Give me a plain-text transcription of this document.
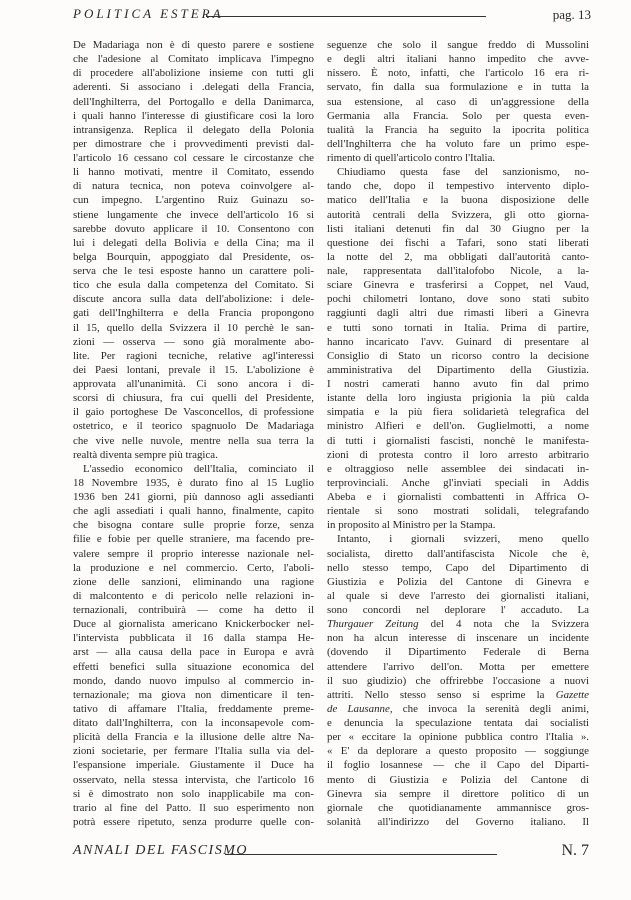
POLITICA ESTERA	pag. 13
De Madariaga non è di questo parere e sostiene
che l'adesione al Comitato implicava l'impegno
di procedere all'abolizione insieme con tutti gli
aderenti. Si associano i .delegati della Francia,
dell'Inghilterra, del Portogallo e della Danimarca,
i quali hanno l'interesse di giustificare così la loro
intransigenza. Replica il delegato della Polonia
per dimostrare che i provvedimenti previsti dal-
l'articolo 16 cessano col cessare le circostanze che
li hanno motivati, mentre il Comitato, essendo
di natura tecnica, non poteva coinvolgere al-
cun impegno. L'argentino Ruiz Guinazu so-
stiene lungamente che invece dell'articolo 16 si
sarebbe dovuto applicare il 10. Consentono con
lui i delegati della Bolivia e della Cina; ma il
belga Bourquin, appoggiato dal Presidente, os-
serva che le tesi esposte hanno un carattere poli-
tico che esula dalla competenza del Comitato. Si
discute ancora sulla data dell'abolizione: i dele-
gati dell'Inghilterra e della Francia propongono
il 15, quello della Svizzera il 10 perchè le san-
zioni — osserva — sono già moralmente abo-
lite. Per ragioni tecniche, relative agl'interessi
dei Paesi lontani, prevale il 15. L'abolizione è
approvata all'unanimità. Ci sono ancora i di-
scorsi di chiusura, fra cui quelli del Presidente,
il gaio portoghese De Vasconcellos, di professione
ostetrico, e il teorico spagnuolo De Madariaga
che vive nelle nuvole, mentre nella sua terra la
realtà diventa sempre più tragica.
L'assedio economico dell'Italia, cominciato il
18 Novembre 1935, è durato fino al 15 Luglio
1936 ben 241 giorni, più dannoso agli assedianti
che agli assediati i quali hanno, finalmente, capito
che bisogna contare sulle proprie forze, senza
filie e fobie per quelle straniere, ma facendo pre-
valere sempre il proprio interesse nazionale nel-
la produzione e nel commercio. Certo, l'aboli-
zione delle sanzioni, eliminando una ragione
di malcontento e di pericolo nelle relazioni in-
ternazionali, contribuirà — come ha detto il
Duce al giornalista americano Knickerbocker nel-
l'intervista pubblicata il 16 dalla stampa He-
arst — alla causa della pace in Europa e avrà
effetti benefici sulla situazione economica del
mondo, dando nuovo impulso al commercio in-
ternazionale; ma giova non dimenticare il ten-
tativo di affamare l'Italia, freddamente preme-
ditato dall'Inghilterra, con la inconsapevole com-
plicità della Francia e la illusione delle altre Na-
zioni societarie, per fermare l'Italia sulla via del-
l'espansione imperiale. Giustamente il Duce ha
osservato, nella stessa intervista, che l'articolo 16
si è dimostrato non solo inapplicabile ma con-
trario al fine del Patto. Il suo esperimento non
potrà essere ripetuto, senza produrre quelle con-
seguenze che solo il sangue freddo di Mussolini
e degli altri italiani hanno impedito che avve-
nissero. È noto, infatti, che l'articolo 16 era ri-
servato, fin dalla sua formulazione e in tutta la
sua estensione, al caso di un'aggressione della
Germania alla Francia. Solo per questa even-
tualità la Francia ha seguito la ipocrita politica
dell'Inghilterra che ha voluto fare un primo espe-
rimento di quell'articolo contro l'Italia.
Chiudiamo questa fase del sanzionismo, no-
tando che, dopo il tempestivo intervento diplo-
matico dell'Italia e la buona disposizione delle
autorità centrali della Svizzera, gli otto giorna-
listi italiani detenuti fin dal 30 Giugno per la
questione dei fischi a Tafari, sono stati liberati
la notte del 2, ma obbligati dall'autorità canto-
nale, rappresentata dall'italofobo Nicole, a la-
sciare Ginevra e trasferirsi a Coppet, nel Vaud,
pochi chilometri lontano, dove sono stati subito
raggiunti dagli altri due rimasti liberi a Ginevra
e tutti sono tornati in Italia. Prima di partire,
hanno incaricato l'avv. Guinard di presentare al
Consiglio di Stato un ricorso contro la decisione
amministrativa del Dipartimento della Giustizia.
I nostri camerati hanno avuto fin dal primo
istante della loro ingiusta prigionia la più calda
simpatia e la più fiera solidarietà telegrafica del
ministro Alfieri e dell'on. Guglielmotti, a nome
di tutti i giornalisti fascisti, nonchè le manifesta-
zioni di protesta contro il loro arresto arbitrario
e oltraggioso nelle assemblee dei sindacati in-
terprovinciali. Anche gl'inviati speciali in Addis
Abeba e i giornalisti combattenti in Affrica O-
rientale si sono mostrati solidali, telegrafando
in proposito al Ministro per la Stampa.
Intanto, i giornali svizzeri, meno quello
socialista, diretto dall'antifascista Nicole che è,
nello stesso tempo, Capo del Dipartimento di
Giustizia e Polizia del Cantone di Ginevra e
al quale si deve l'arresto dei giornalisti italiani,
sono concordi nel deplorare l' accaduto. La
Thurgauer Zeitung del 4 nota che la Svizzera
non ha alcun interesse di inscenare un incidente
(dovendo il Dipartimento Federale di Berna
attendere l'arrivo dell'on. Motta per emettere
il suo giudizio) che offrirebbe l'occasione a nuovi
attriti. Nello stesso senso si esprime la Gazette
de Lausanne, che invoca la serenità degli animi,
e denuncia la speculazione tentata dai socialisti
per « eccitare la opinione pubblica contro l'Italia ».
« E' da deplorare a questo proposito — soggiunge
il foglio losannese — che il Capo del Diparti-
mento di Giustizia e Polizia del Cantone di
Ginevra sia sempre il direttore politico di un
giornale che quotidianamente ammannisce gros-
solanità all'indirizzo del Governo italiano. Il
ANNALI DEL FASCISMO	N. 7
